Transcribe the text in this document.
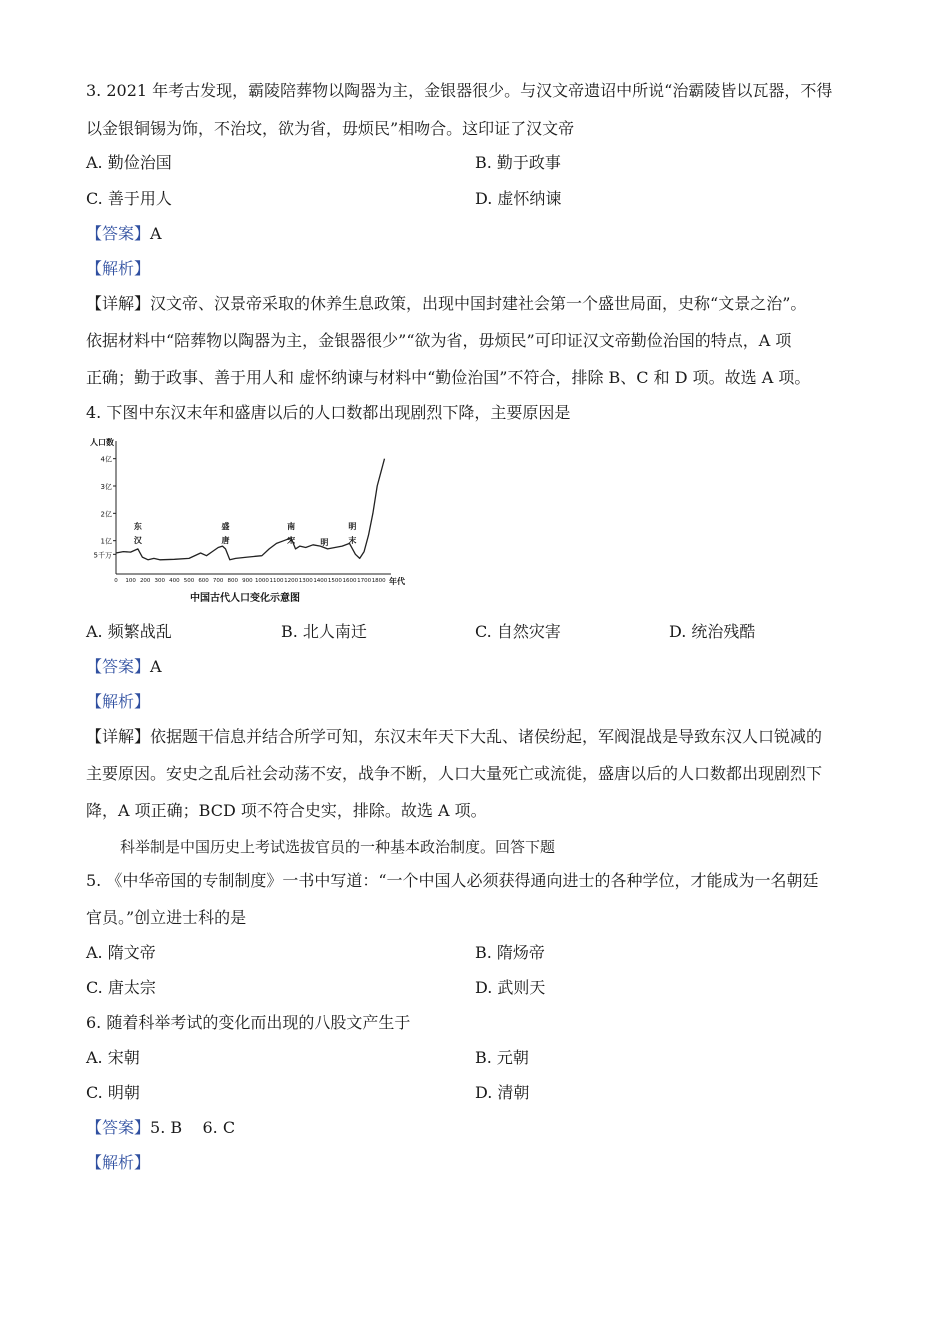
3. 2021 年考古发现，霸陵陪葬物以陶器为主，金银器很少。与汉文帝遗诏中所说“治霸陵皆以瓦器，不得
以金银铜锡为饰，不治坟，欲为省，毋烦民”相吻合。这印证了汉文帝
A. 勤俭治国	B. 勤于政事
C. 善于用人	D. 虚怀纳谏
【答案】A
【解析】
【详解】汉文帝、汉景帝采取的休养生息政策，出现中国封建社会第一个盛世局面，史称“文景之治”。
依据材料中“陪葬物以陶器为主，金银器很少”“欲为省，毋烦民”可印证汉文帝勤俭治国的特点，A 项
正确；勤于政事、善于用人和 虚怀纳谏与材料中“勤俭治国”不符合，排除 B、C 和 D 项。故选 A 项。
4. 下图中东汉末年和盛唐以后的人口数都出现剧烈下降，主要原因是
5千万
1亿
2亿
3亿
4亿
0 100 200 300 400 500 600 700 800 900 1000 1100 1200 1300 1400 1500 1600 1700 1800
东
汉
盛
唐
南
宋	明
明
末
人口数
年代
中国古代人口变化示意图
A. 频繁战乱	B. 北人南迁	C. 自然灾害	D. 统治残酷
【答案】A
【解析】
【详解】依据题干信息并结合所学可知，东汉末年天下大乱、诸侯纷起，军阀混战是导致东汉人口锐减的
主要原因。安史之乱后社会动荡不安，战争不断，人口大量死亡或流徙，盛唐以后的人口数都出现剧烈下
降，A 项正确；BCD 项不符合史实，排除。故选 A 项。
科举制是中国历史上考试选拔官员的一种基本政治制度。回答下题
5. 《中华帝国的专制制度》一书中写道：“一个中国人必须获得通向进士的各种学位，才能成为一名朝廷
官员。”创立进士科的是
A. 隋文帝	B. 隋炀帝
C. 唐太宗	D. 武则天
6. 随着科举考试的变化而出现的八股文产生于
A. 宋朝	B. 元朝
C. 明朝	D. 清朝
【答案】5. B    6. C
【解析】
